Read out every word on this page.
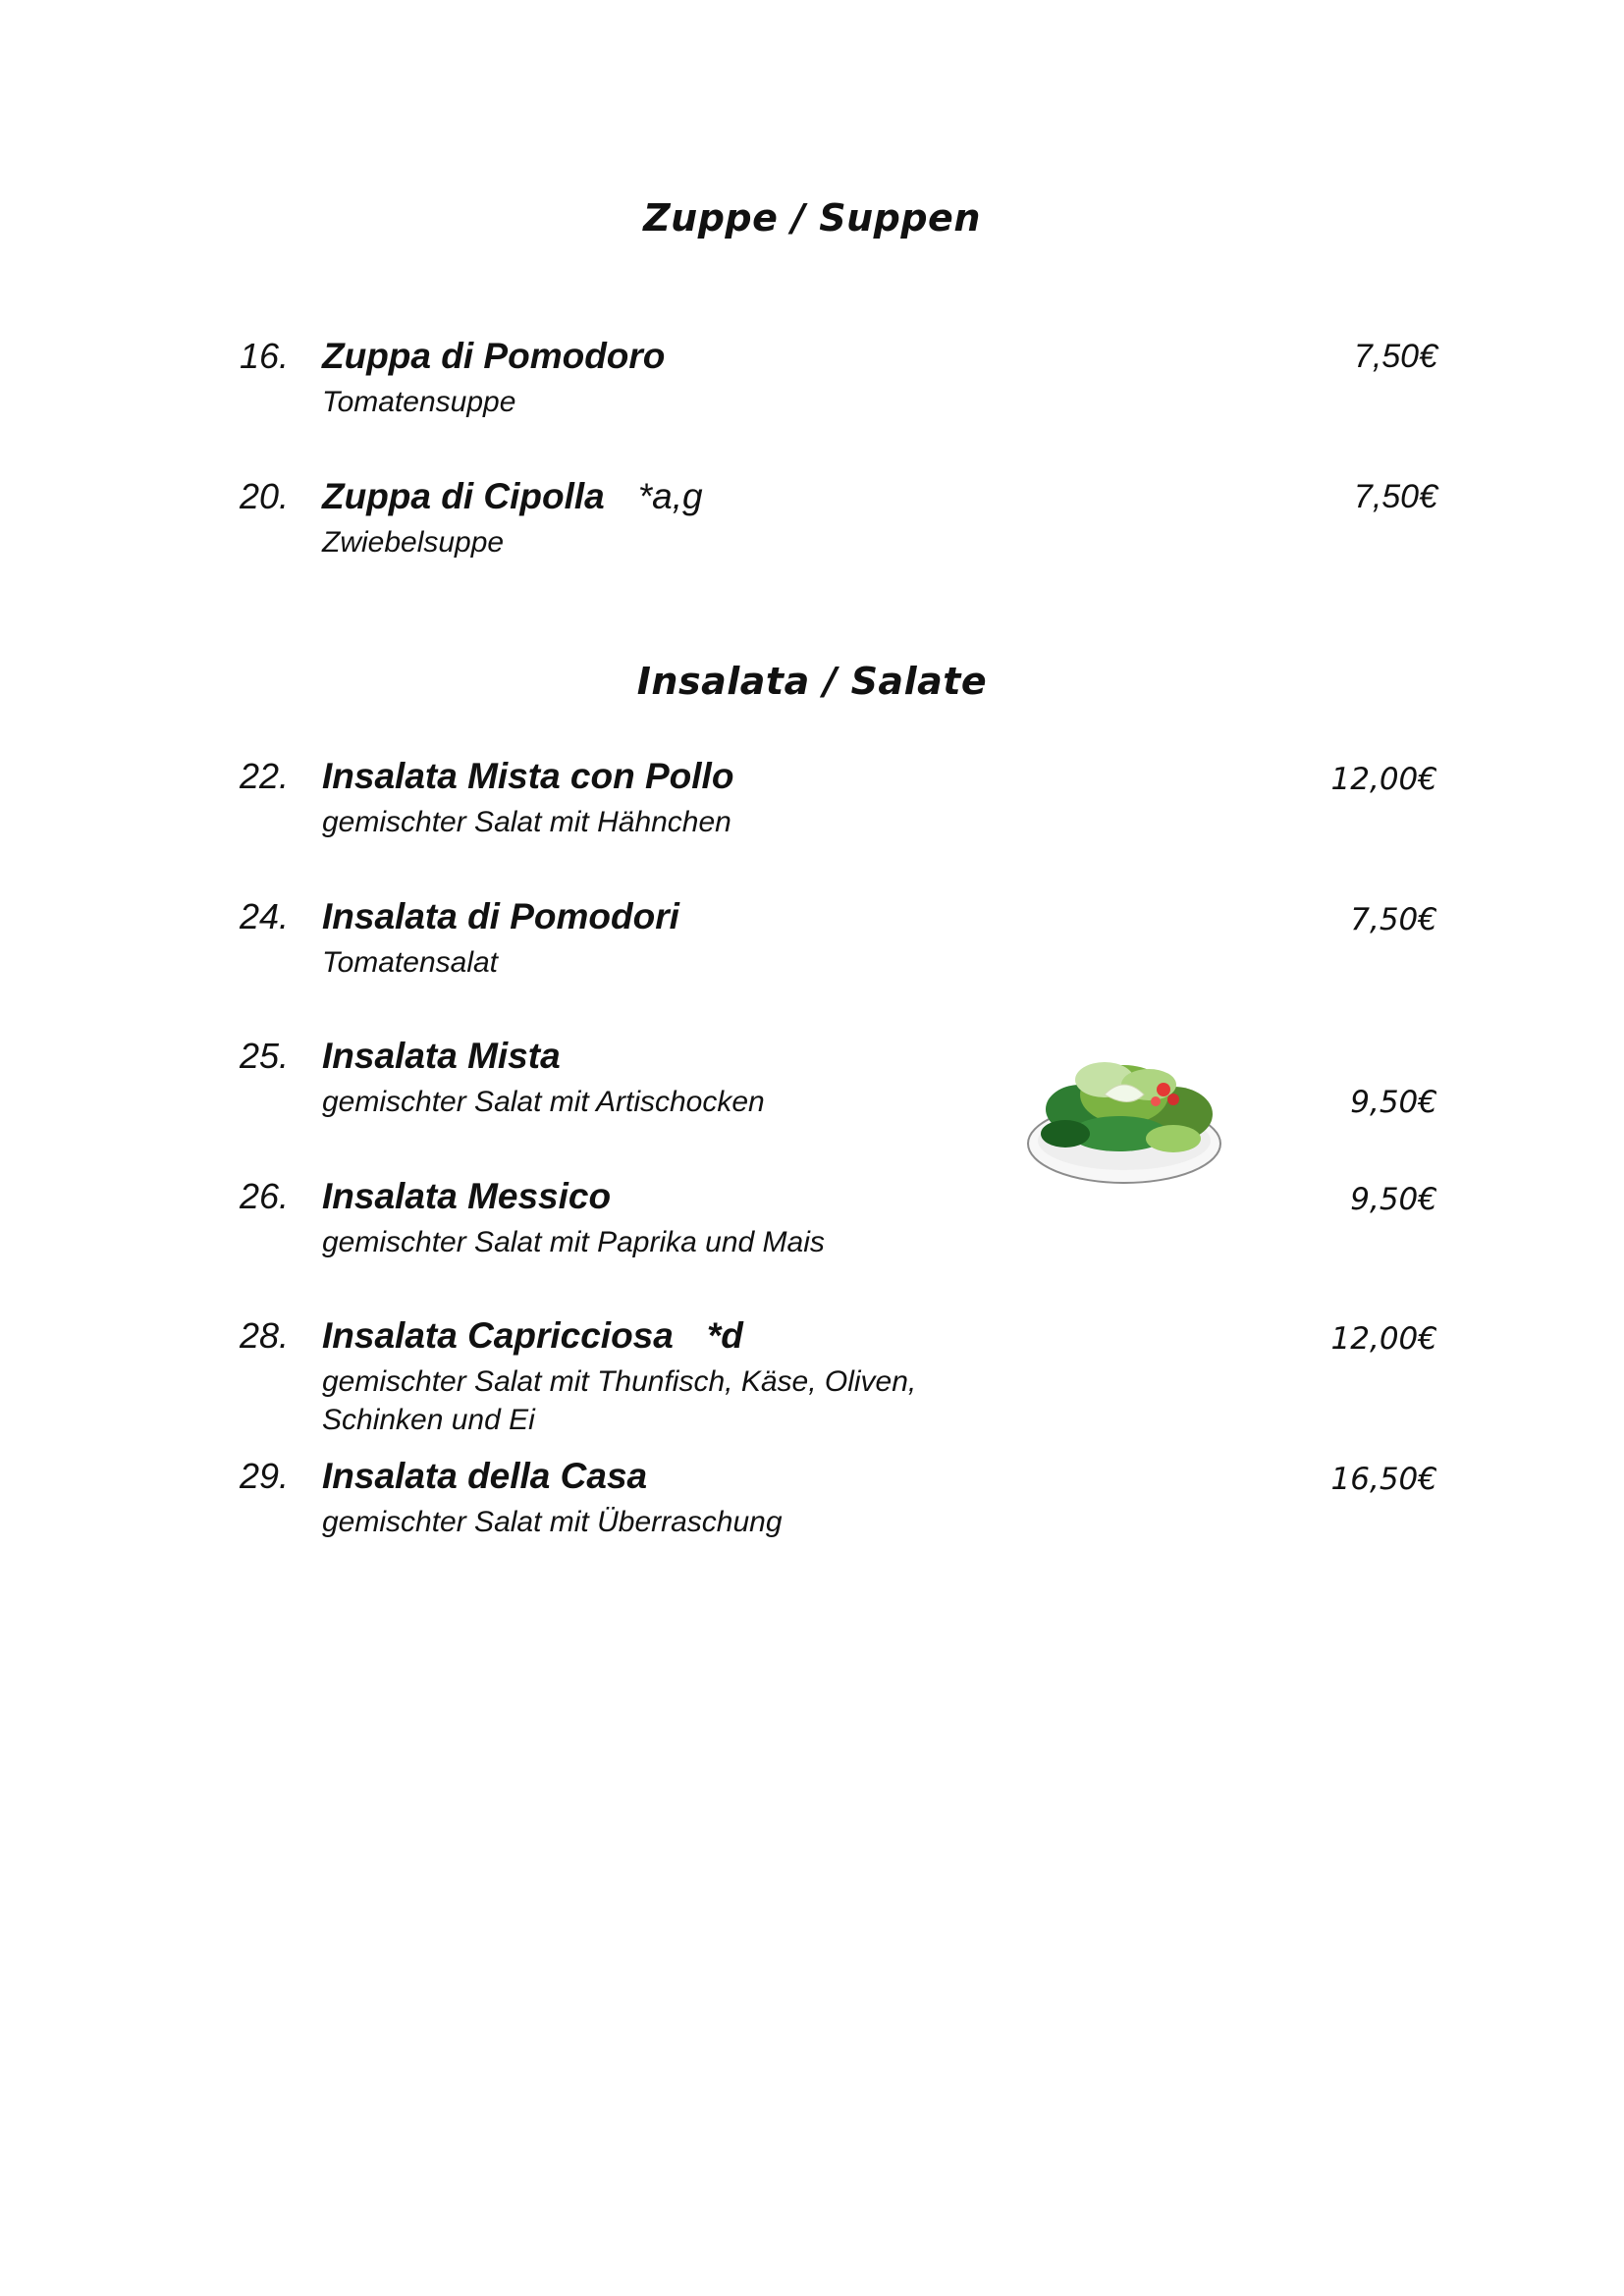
Zuppe / Suppen
16. Zuppa di Pomodoro
Tomatensuppe
7,50€
20. Zuppa di Cipolla *a,g
Zwiebelsuppe
7,50€
Insalata / Salate
22. Insalata Mista con Pollo
gemischter Salat mit Hähnchen
12,00€
24. Insalata di Pomodori
Tomatensalat
7,50€
25. Insalata Mista
gemischter Salat mit Artischocken	9,50€
26. Insalata Messico
gemischter Salat mit Paprika und Mais
9,50€
28. Insalata Capricciosa *d
gemischter Salat mit Thunfisch, Käse, Oliven,
Schinken und Ei
12,00€
29. Insalata della Casa
gemischter Salat mit Überraschung
16,50€
